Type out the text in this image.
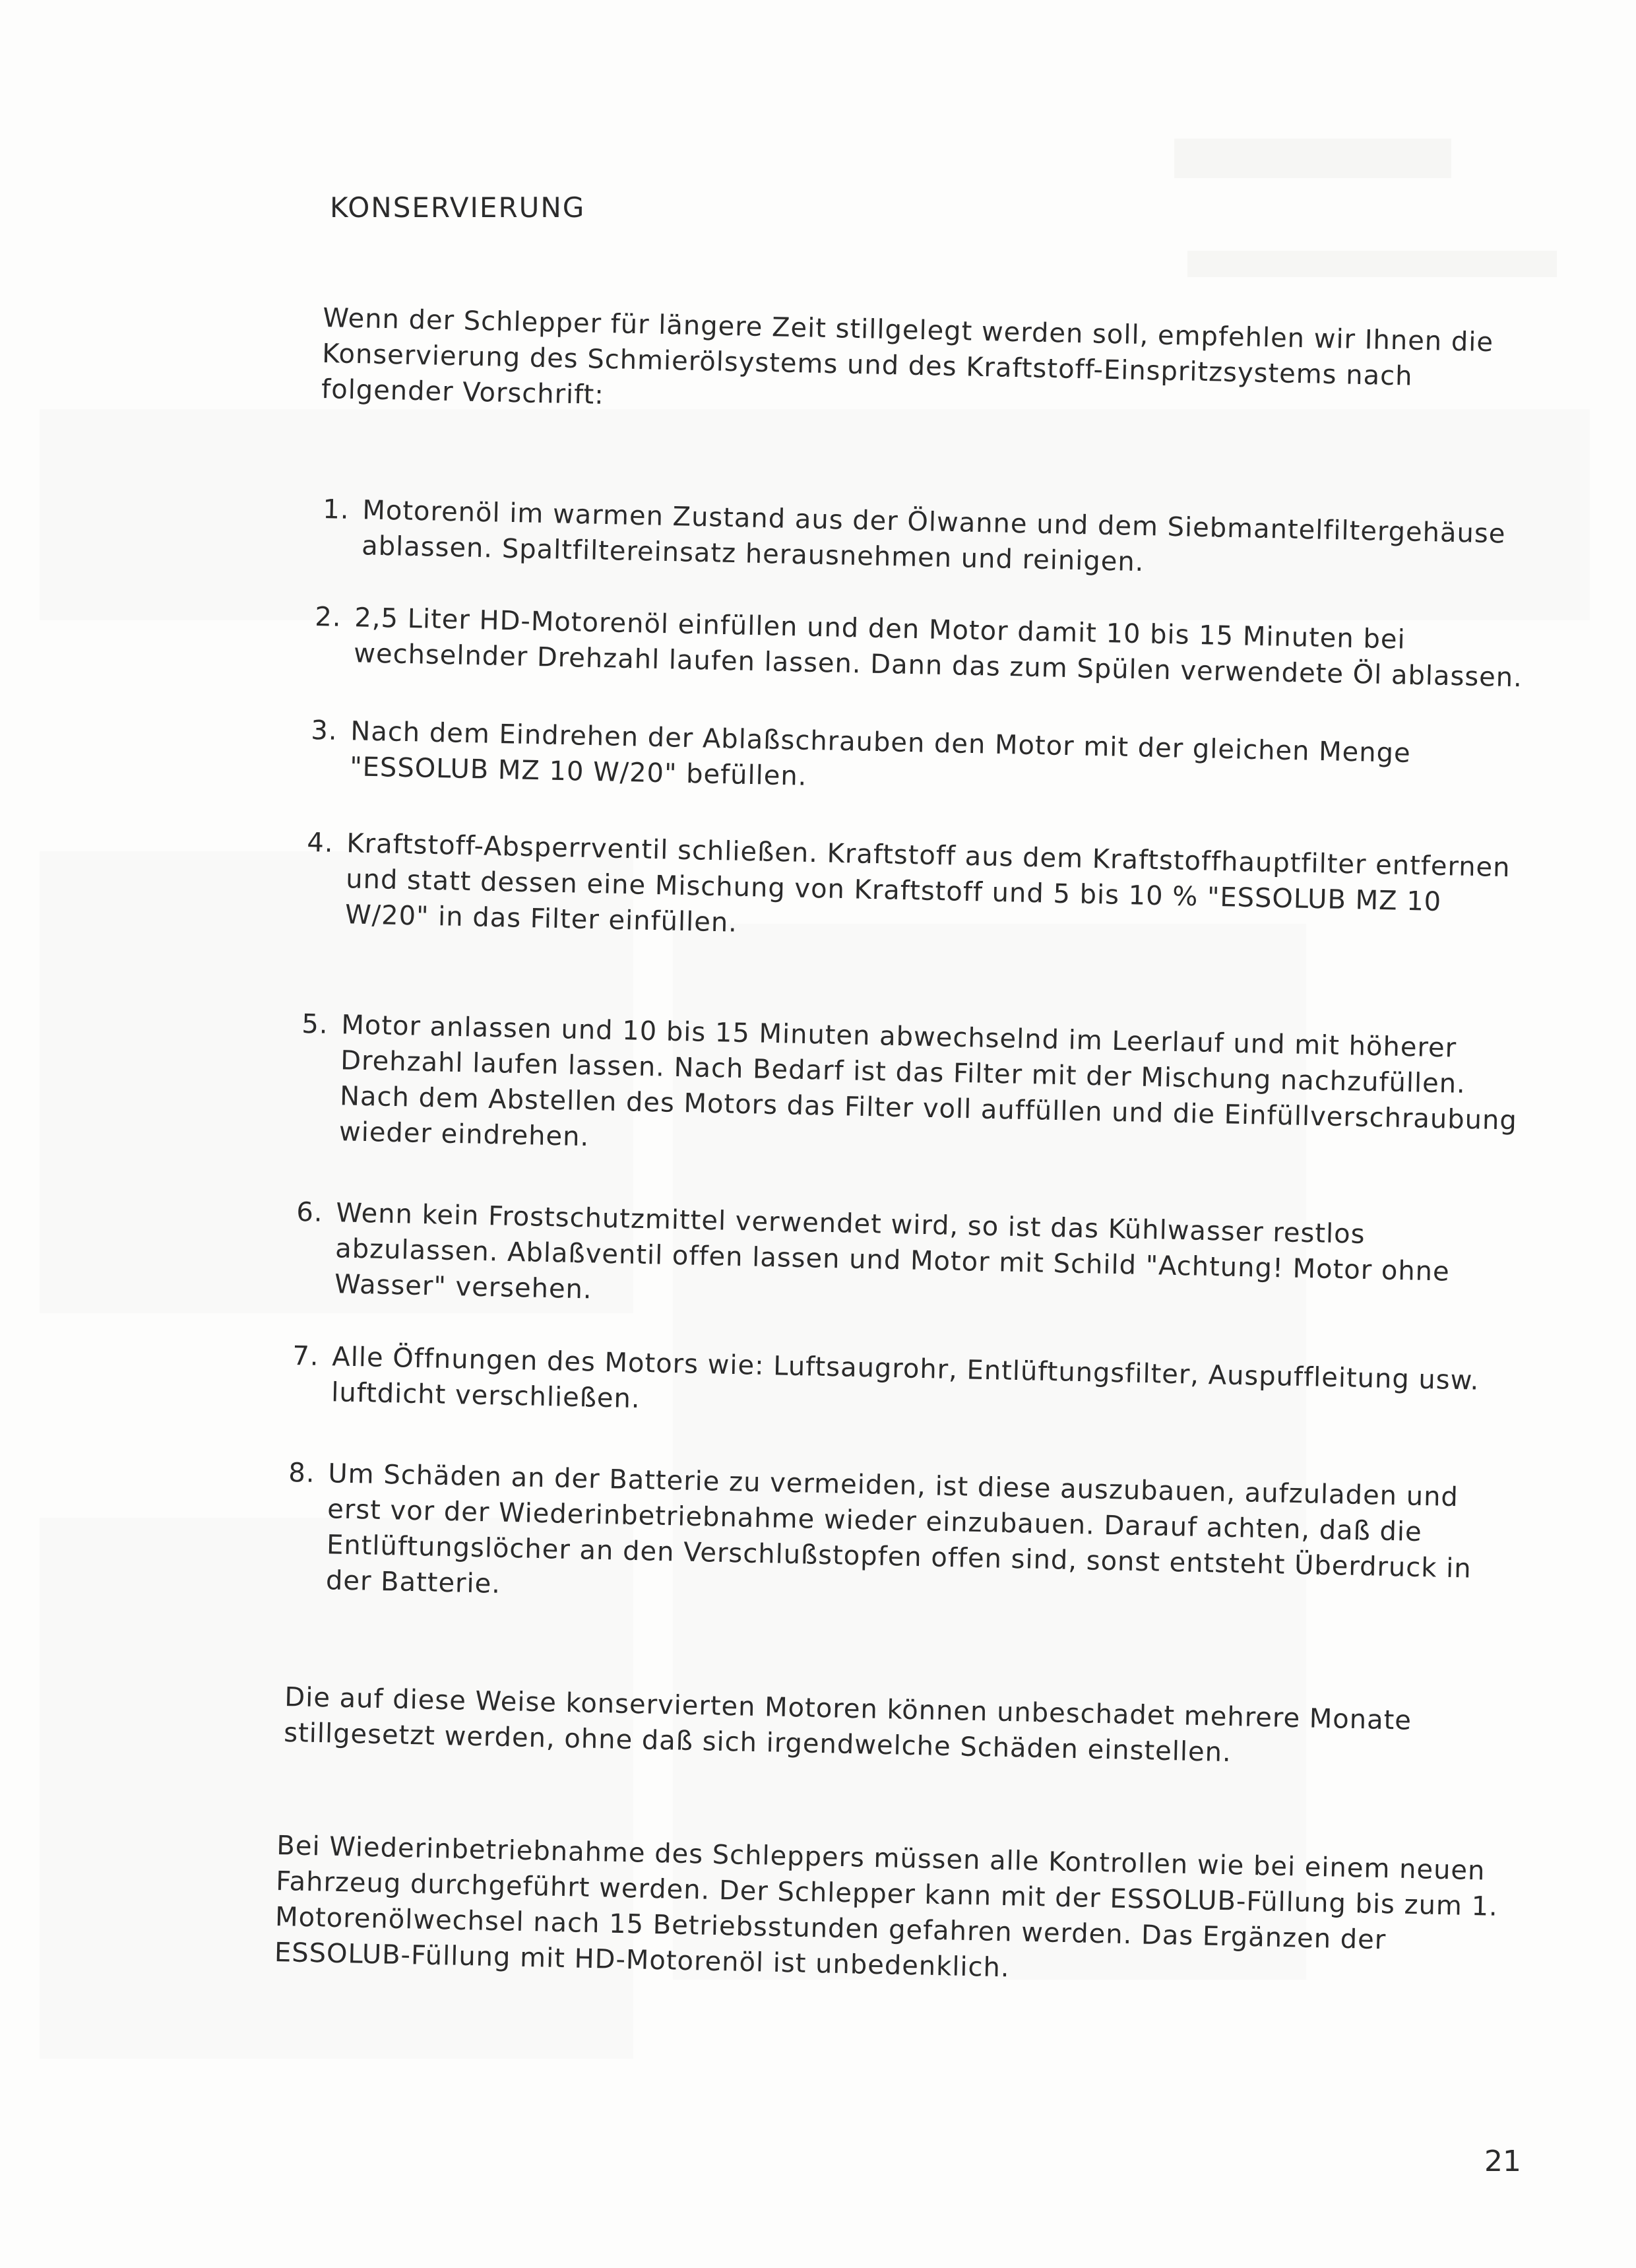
KONSERVIERUNG
Wenn der Schlepper für längere Zeit stillgelegt werden soll, empfehlen wir Ihnen die Konservierung des Schmierölsystems und des Kraftstoff-Einspritzsystems nach folgender Vorschrift:
1. Motorenöl im warmen Zustand aus der Ölwanne und dem Siebmantelfiltergehäuse ablassen. Spaltfiltereinsatz herausnehmen und reinigen.
2. 2,5 Liter HD-Motorenöl einfüllen und den Motor damit 10 bis 15 Minuten bei wechselnder Drehzahl laufen lassen. Dann das zum Spülen verwendete Öl ablassen.
3. Nach dem Eindrehen der Ablaßschrauben den Motor mit der gleichen Menge "ESSOLUB MZ 10 W/20" befüllen.
4. Kraftstoff-Absperrventil schließen. Kraftstoff aus dem Kraftstoffhauptfilter entfernen und statt dessen eine Mischung von Kraftstoff und 5 bis 10 % "ESSOLUB MZ 10 W/20" in das Filter einfüllen.
5. Motor anlassen und 10 bis 15 Minuten abwechselnd im Leerlauf und mit höherer Drehzahl laufen lassen. Nach Bedarf ist das Filter mit der Mischung nachzufüllen. Nach dem Abstellen des Motors das Filter voll auffüllen und die Einfüllverschraubung wieder eindrehen.
6. Wenn kein Frostschutzmittel verwendet wird, so ist das Kühlwasser restlos abzulassen. Ablaßventil offen lassen und Motor mit Schild "Achtung! Motor ohne Wasser" versehen.
7. Alle Öffnungen des Motors wie: Luftsaugrohr, Entlüftungsfilter, Auspuffleitung usw. luftdicht verschließen.
8. Um Schäden an der Batterie zu vermeiden, ist diese auszubauen, aufzuladen und erst vor der Wiederinbetriebnahme wieder einzubauen. Darauf achten, daß die Entlüftungslöcher an den Verschlußstopfen offen sind, sonst entsteht Überdruck in der Batterie.
Die auf diese Weise konservierten Motoren können unbeschadet mehrere Monate stillgesetzt werden, ohne daß sich irgendwelche Schäden einstellen.
Bei Wiederinbetriebnahme des Schleppers müssen alle Kontrollen wie bei einem neuen Fahrzeug durchgeführt werden. Der Schlepper kann mit der ESSOLUB-Füllung bis zum 1. Motorenölwechsel nach 15 Betriebsstunden gefahren werden. Das Ergänzen der ESSOLUB-Füllung mit HD-Motorenöl ist unbedenklich.
21
